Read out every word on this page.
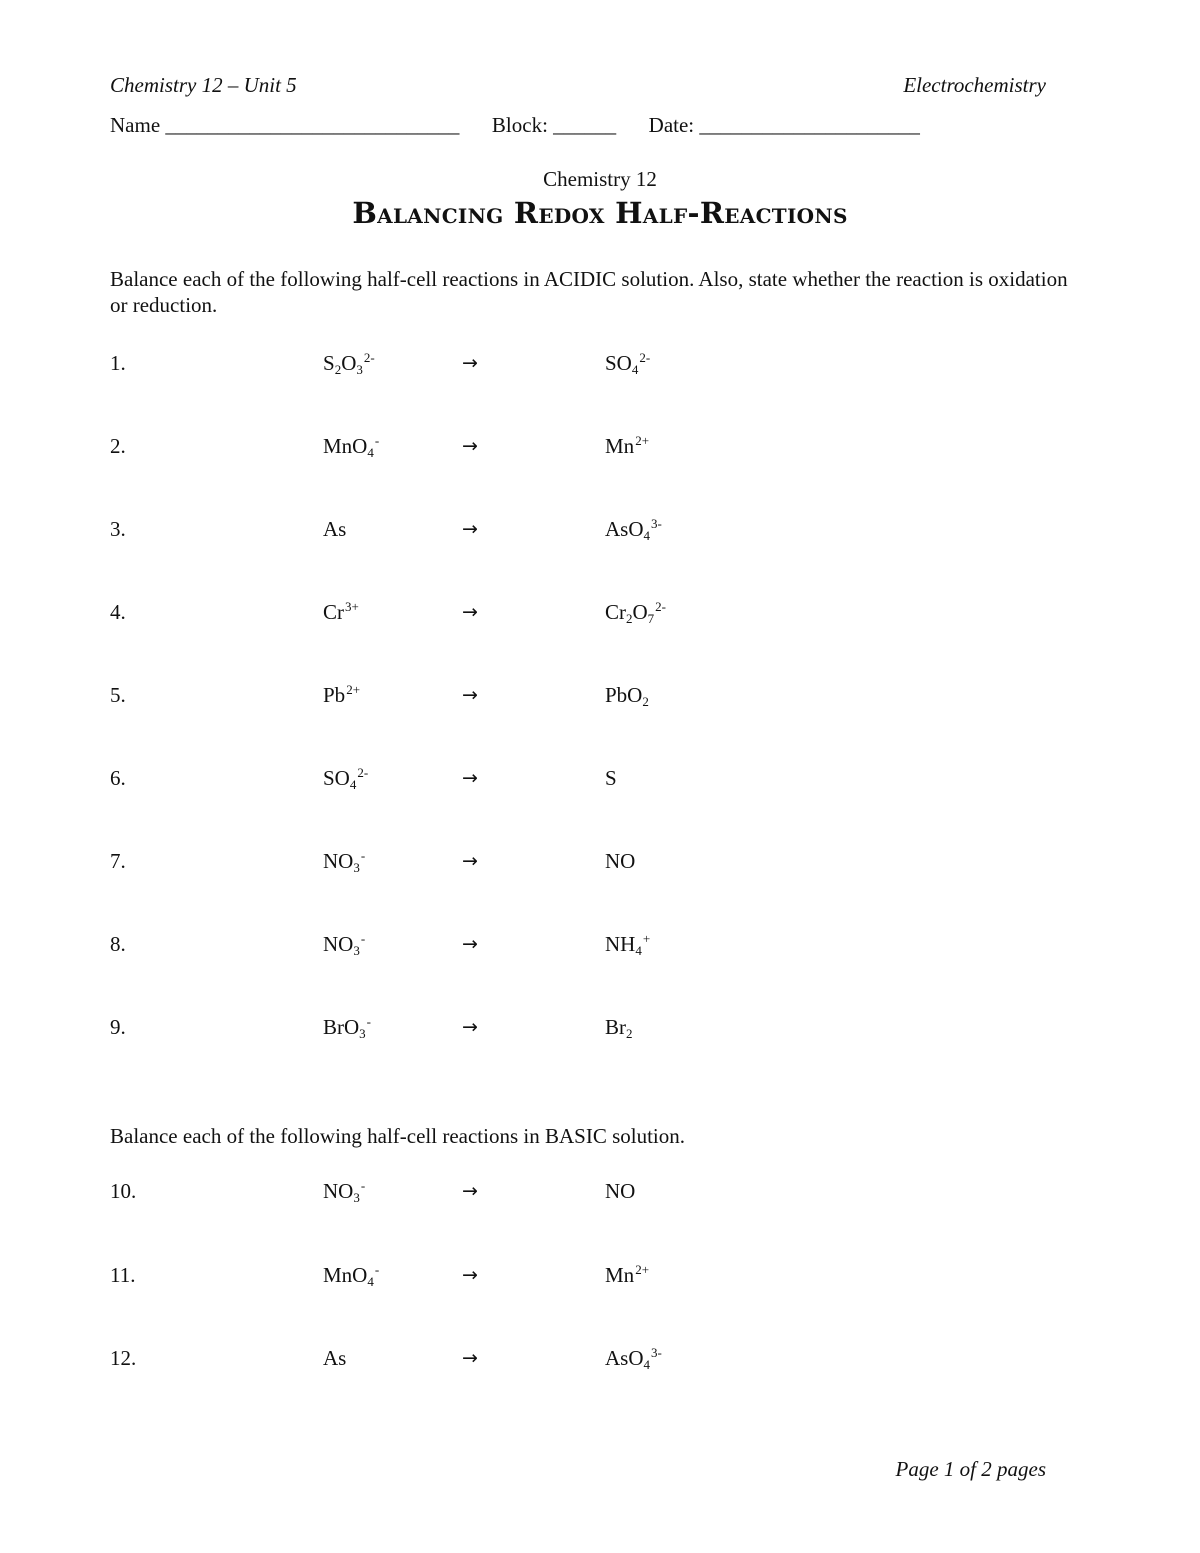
Chemistry 12 – Unit 5	Electrochemistry
Name ____________________________ Block: ______ Date: _____________________
Chemistry 12
Balancing Redox Half-Reactions
Balance each of the following half-cell reactions in ACIDIC solution. Also, state whether the reaction is oxidation or reduction.
1.	$S_2O_3^{2-}$	→	$SO_4^{2-}$
2.	MnO$_4$-	→	$Mn^{2+}$
3.	As	→	AsO$_4^{3-}$
4.	$Cr^{3+}$	→	$Cr_2O_7^{2-}$
5.	$Pb^{2+}$	→	PbO$_2$
6.	$SO_4^{2-}$	→	S
7.	$NO_3^-$	→	NO
8.	$NO_3^-$	→	$NH_4^+$
9.	BrO$_3$-	→	$Br_2$
Balance each of the following half-cell reactions in BASIC solution.
10.	$NO_3^-$	→	NO
11.	MnO$_4$-	→	$Mn^{2+}$
12.	As	→	AsO$_4^{3-}$
Page 1 of 2 pages
